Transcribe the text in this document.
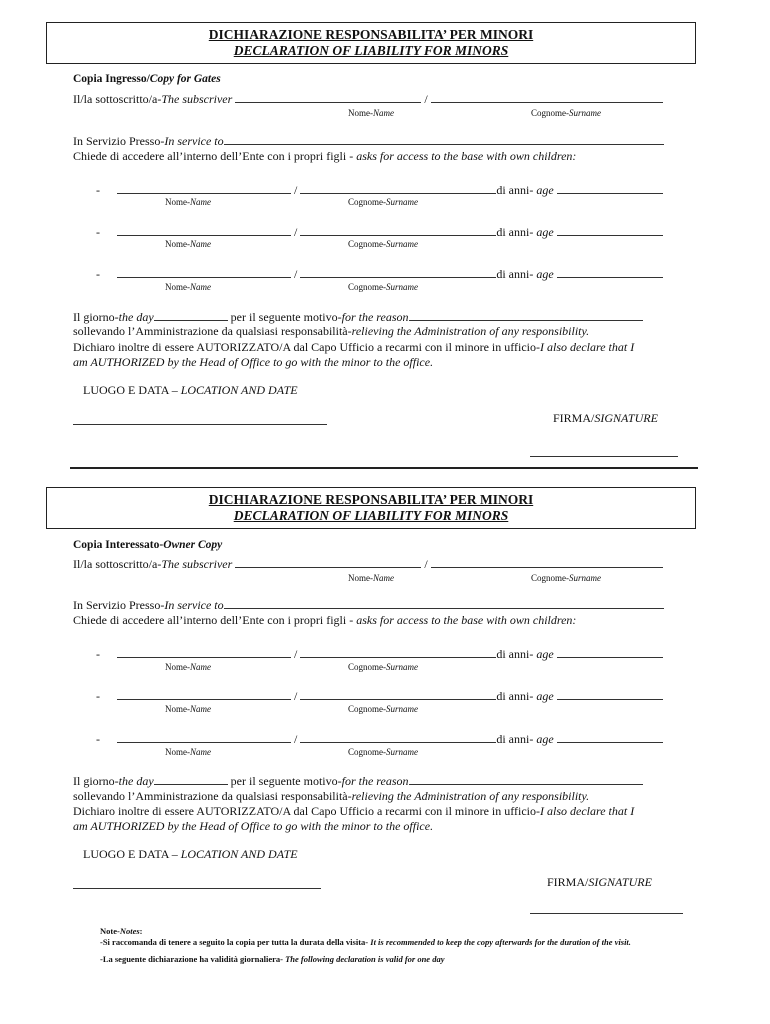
DICHIARAZIONE RESPONSABILITA’ PER MINORI
DECLARATION OF LIABILITY FOR MINORS
Copia Ingresso/Copy for Gates
Il/la sottoscritto/a-The subscriver	/
Nome-Name	Cognome-Surname
In Servizio Presso-In service to
Chiede di accedere all’interno dell’Ente con i propri figli - asks for access to the base with own children:
-	/	di anni- age
Nome-Name	Cognome-Surname
-	/	di anni- age
Nome-Name	Cognome-Surname
-	/	di anni- age
Nome-Name	Cognome-Surname
Il giorno-the day	per il seguente motivo-for the reason
sollevando l’Amministrazione da qualsiasi responsabilità-relieving the Administration of any responsibility.
Dichiaro inoltre di essere AUTORIZZATO/A dal Capo Ufficio a recarmi con il minore in ufficio-I also declare that I
am AUTHORIZED by the Head of Office to go with the minor to the office.
LUOGO E DATA – LOCATION AND DATE
FIRMA/SIGNATURE
DICHIARAZIONE RESPONSABILITA’ PER MINORI
DECLARATION OF LIABILITY FOR MINORS
Copia Interessato-Owner Copy
Il/la sottoscritto/a-The subscriver	/
Nome-Name	Cognome-Surname
In Servizio Presso-In service to
Chiede di accedere all’interno dell’Ente con i propri figli - asks for access to the base with own children:
-	/	di anni- age
Nome-Name	Cognome-Surname
-	/	di anni- age
Nome-Name	Cognome-Surname
-	/	di anni- age
Nome-Name	Cognome-Surname
Il giorno-the day	per il seguente motivo-for the reason
sollevando l’Amministrazione da qualsiasi responsabilità-relieving the Administration of any responsibility.
Dichiaro inoltre di essere AUTORIZZATO/A dal Capo Ufficio a recarmi con il minore in ufficio-I also declare that I
am AUTHORIZED by the Head of Office to go with the minor to the office.
LUOGO E DATA – LOCATION AND DATE
FIRMA/SIGNATURE
Note-Notes:
-Si raccomanda di tenere a seguito la copia per tutta la durata della visita- It is recommended to keep the copy afterwards for the duration of the visit.
-La seguente dichiarazione ha validità giornaliera- The following declaration is valid for one day
